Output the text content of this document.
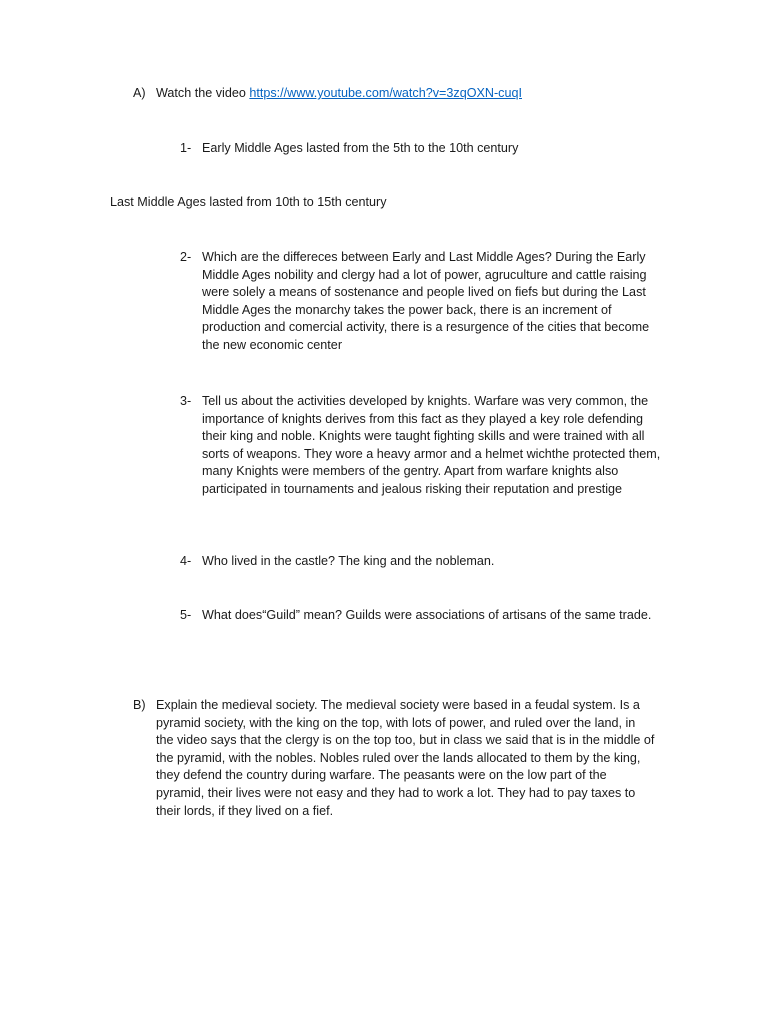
A) Watch the video https://www.youtube.com/watch?v=3zqOXN-cuqI
1- Early Middle Ages lasted from the 5th to the 10th century
Last Middle Ages lasted from 10th to 15th century
2- Which are the differeces between Early and Last Middle Ages? During the Early Middle Ages nobility and clergy had a lot of power, agruculture and cattle raising were solely a means of sostenance and people lived on fiefs but during the Last Middle Ages the monarchy takes the power back, there is an increment of production and comercial activity, there is a resurgence of the cities that become the new economic center
3- Tell us about the activities developed by knights. Warfare was very common, the importance of knights derives from this fact as they played a key role defending their king and noble. Knights were taught fighting skills and were trained with all sorts of weapons. They wore a heavy armor and a helmet wichthe protected them, many Knights were members of the gentry. Apart from warfare knights also participated in tournaments and jealous risking their reputation and prestige
4- Who lived in the castle? The king and the nobleman.
5- What does“Guild” mean? Guilds were associations of artisans of the same trade.
B) Explain the medieval society. The medieval society were based in a feudal system. Is a pyramid society, with the king on the top, with lots of power, and ruled over the land, in the video says that the clergy is on the top too, but in class we said that is in the middle of the pyramid, with the nobles. Nobles ruled over the lands allocated to them by the king, they defend the country during warfare. The peasants were on the low part of the pyramid, their lives were not easy and they had to work a lot. They had to pay taxes to their lords, if they lived on a fief.
